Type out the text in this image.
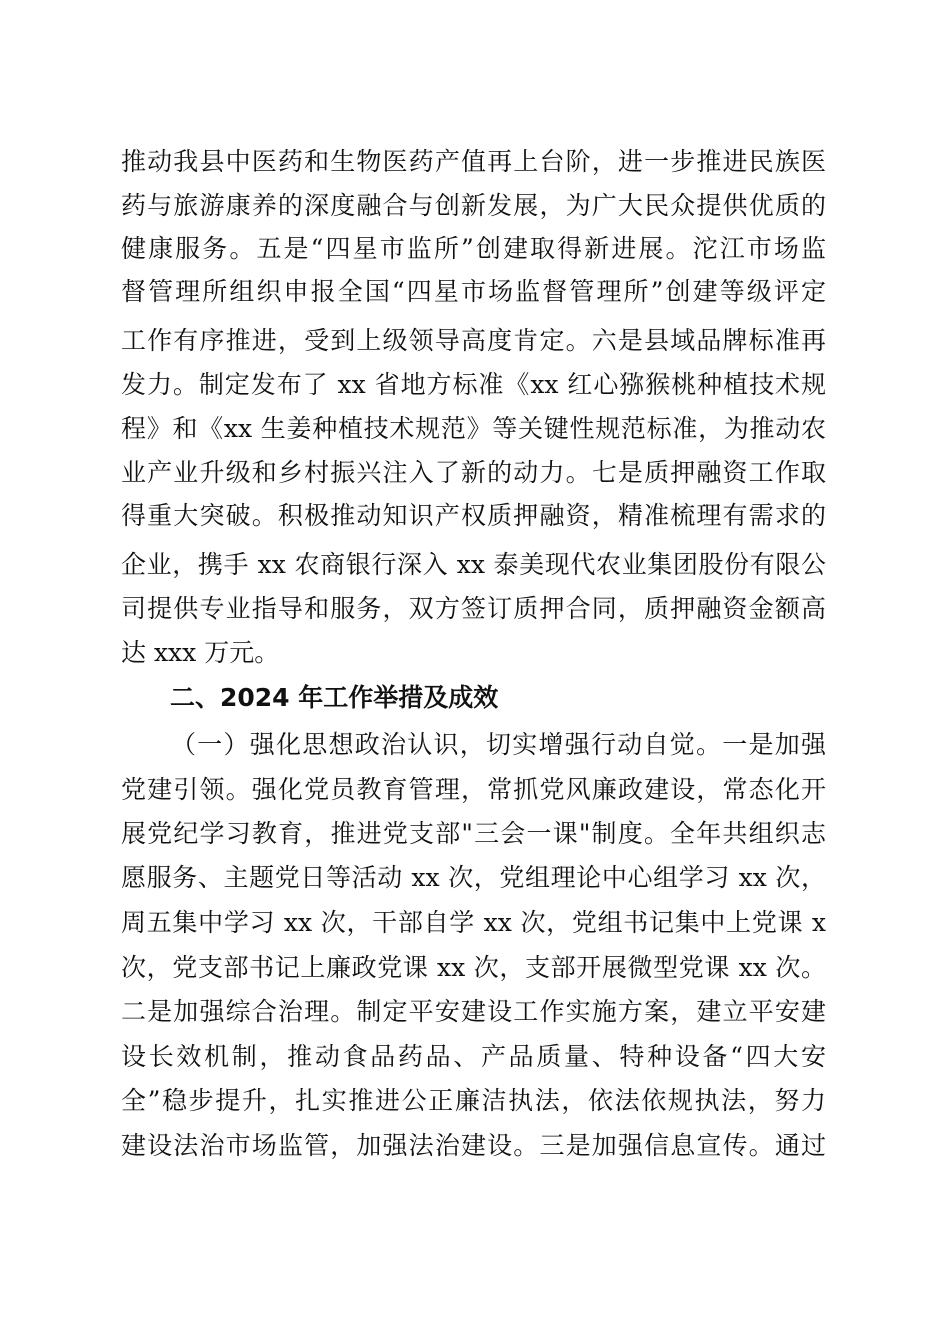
推动我县中医药和生物医药产值再上台阶，进一步推进民族医
药与旅游康养的深度融合与创新发展，为广大民众提供优质的
健康服务。五是“四星市监所”创建取得新进展。沱江市场监
督管理所组织申报全国“四星市场监督管理所”创建等级评定
工作有序推进，受到上级领导高度肯定。六是县域品牌标准再
发力。制定发布了 xx 省地方标准《xx 红心猕猴桃种植技术规
程》和《xx 生姜种植技术规范》等关键性规范标准，为推动农
业产业升级和乡村振兴注入了新的动力。七是质押融资工作取
得重大突破。积极推动知识产权质押融资，精准梳理有需求的
企业，携手 xx 农商银行深入 xx 泰美现代农业集团股份有限公
司提供专业指导和服务，双方签订质押合同，质押融资金额高
达 xxx 万元。
二、2024 年工作举措及成效
（一）强化思想政治认识，切实增强行动自觉。一是加强
党建引领。强化党员教育管理，常抓党风廉政建设，常态化开
展党纪学习教育，推进党支部"三会一课"制度。全年共组织志
愿服务、主题党日等活动 xx 次，党组理论中心组学习 xx 次，
周五集中学习 xx 次，干部自学 xx 次，党组书记集中上党课 x
次，党支部书记上廉政党课 xx 次，支部开展微型党课 xx 次。
二是加强综合治理。制定平安建设工作实施方案，建立平安建
设长效机制，推动食品药品、产品质量、特种设备“四大安
全”稳步提升，扎实推进公正廉洁执法，依法依规执法，努力
建设法治市场监管，加强法治建设。三是加强信息宣传。通过
